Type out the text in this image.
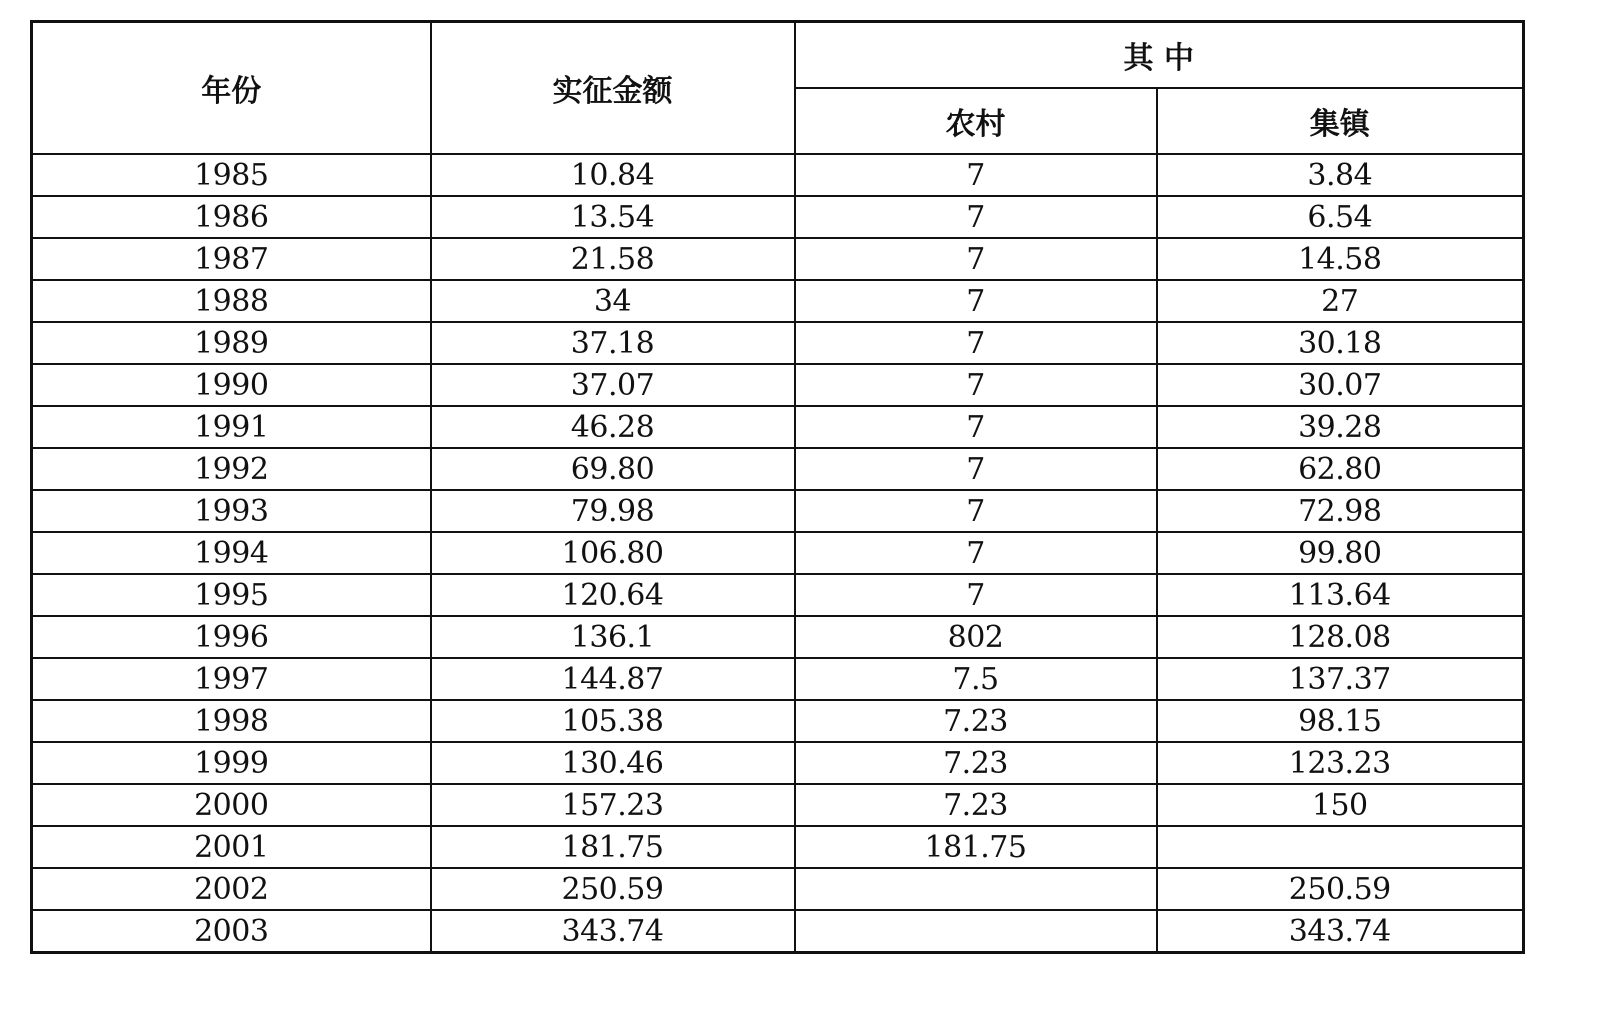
年份	实征金额	其 中	
		农村	集镇
1985	10.84	7	3.84
1986	13.54	7	6.54
1987	21.58	7	14.58
1988	34	7	27
1989	37.18	7	30.18
1990	37.07	7	30.07
1991	46.28	7	39.28
1992	69.80	7	62.80
1993	79.98	7	72.98
1994	106.80	7	99.80
1995	120.64	7	113.64
1996	136.1	802	128.08
1997	144.87	7.5	137.37
1998	105.38	7.23	98.15
1999	130.46	7.23	123.23
2000	157.23	7.23	150
2001	181.75	181.75	
2002	250.59		250.59
2003	343.74		343.74
